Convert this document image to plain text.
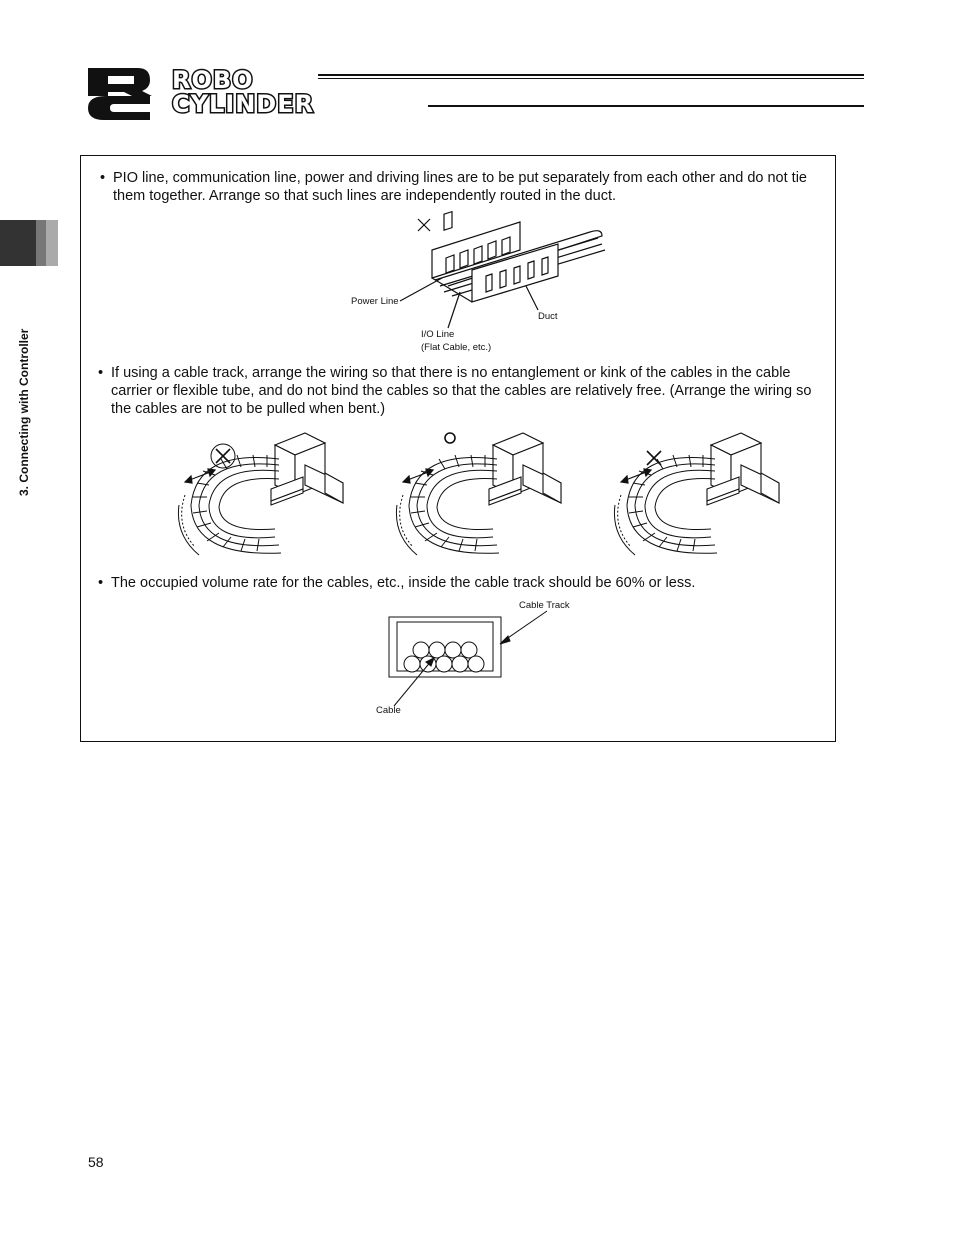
ROBO
CYLINDER
3. Connecting with Controller
• PIO line, communication line, power and driving lines are to be put separately from each other and do not tie them together. Arrange so that such lines are independently routed in the duct.
Power Line
Duct
I/O Line
(Flat Cable, etc.)
• If using a cable track, arrange the wiring so that there is no entanglement or kink of the cables in the cable carrier or flexible tube, and do not bind the cables so that the cables are relatively free. (Arrange the wiring so the cables are not to be pulled when bent.)
• The occupied volume rate for the cables, etc., inside the cable track should be 60% or less.
Cable Track
Cable
58
